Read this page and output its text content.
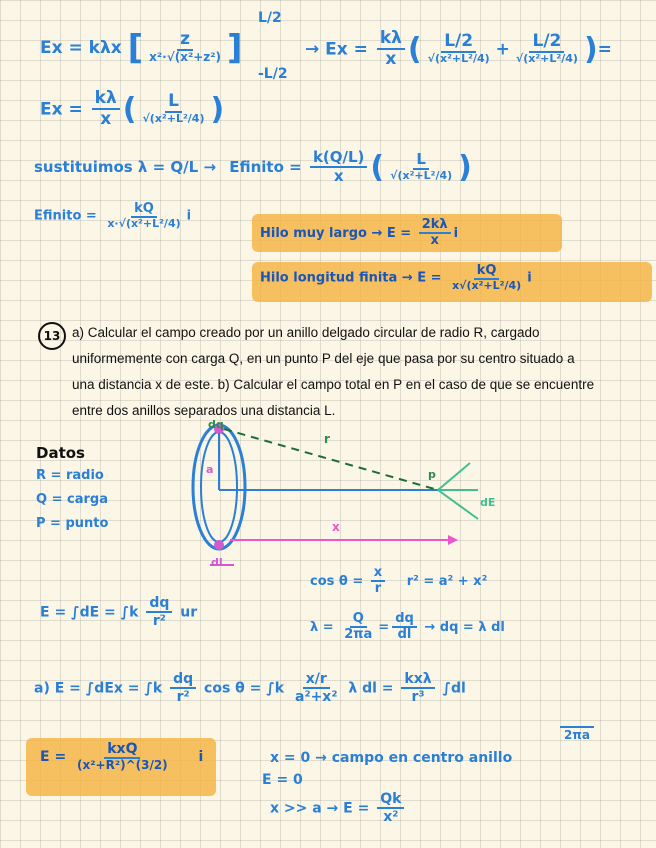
Ex = kλx [ $\frac{z}{\text{x²·√(x²+z²)}}$ ]
L/2
-L/2
→ $Ex = \frac{k\lambda}{x}$ ( $\frac{L/2}{\text{√(x²+L²/4)}} + \frac{L/2}{\text{√(x²+L²/4)}}$ )=
$Ex = \frac{k\lambda}{x}$ ( $\frac{L}{\text{√(x²+L²/4)}}$ )
sustituimos λ = Q/L → Efinito = $\frac{k(Q/L)}{x}$ ( $\frac{L}{\text{√(x²+L²/4)}}$ )
Efinito = $\frac{kQ}{\text{x·√(x²+L²/4)}}$ i
Hilo muy largo → $E = \frac{2k\lambda}{x}$ i
Hilo longitud finita → $E = \frac{kQ}{\text{x√(x²+L²/4)}}$ i
13 a) Calcular el campo creado por un anillo delgado circular de radio R, cargado
uniformemente con carga Q, en un punto P del eje que pasa por su centro situado a
una distancia x de este. b) Calcular el campo total en P en el caso de que se encuentre
entre dos anillos separados una distancia L.
Datos
R = radio
Q = carga
P = punto
dq
r
a	p
dE
x
dl
$\cos \theta = \frac{x}{r} r^2 = a^2 + x^2$
$\lambda = \frac{Q}{2\pi a} = \frac{dq}{dl}$ → dq = λ dl
$E = \int dE = \int k \frac{dq}{\text{r²}}$ ur
a) $E = \int dEx = \int k \frac{dq}{\text{r²}}$ $\cos \theta = \int k \frac{x/r}{\text{a²+x²}}$ λ dl = $\frac{\text{kxλ}}{\text{r³}} \int dl$
2πa
$E = \frac{\text{kxQ}}{\text{(x²+R²)\textasciicircum{}(3/2)}}$ i	x = 0 → campo en centro anillo
E = 0
$x >> a \to E = \frac{Qk}{\text{x²}}$
